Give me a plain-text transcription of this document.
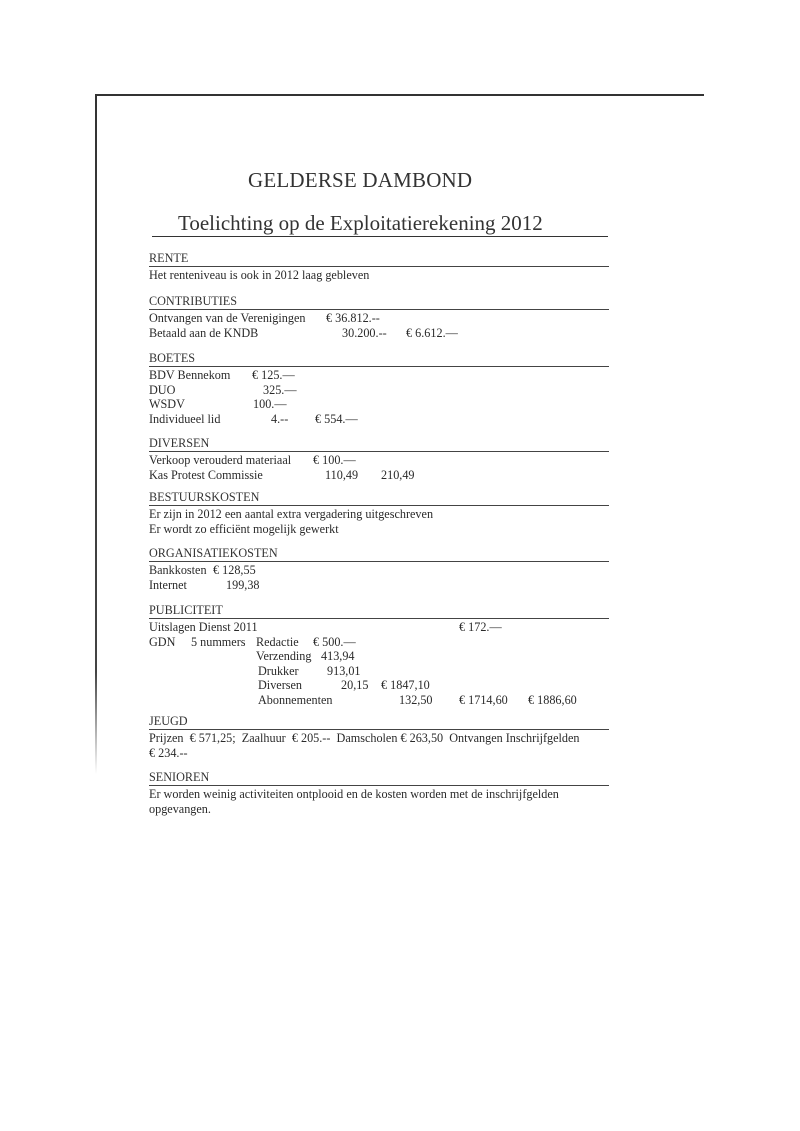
GELDERSE DAMBOND
Toelichting op de Exploitatierekening 2012
RENTE
Het renteniveau is ook in 2012 laag gebleven
CONTRIBUTIES
Ontvangen van de Verenigingen € 36.812.--
Betaald aan de KNDB	30.200.-- € 6.612.—
BOETES
BDV Bennekom € 125.—
DUO	325.—
WSDV	100.—
Individueel lid	4.-- € 554.—
DIVERSEN
Verkoop verouderd materiaal € 100.—
Kas Protest Commissie	110,49 210,49
BESTUURSKOSTEN
Er zijn in 2012 een aantal extra vergadering uitgeschreven
Er wordt zo efficiënt mogelijk gewerkt
ORGANISATIEKOSTEN
Bankkosten € 128,55
Internet	199,38
PUBLICITEIT
Uitslagen Dienst 2011	€ 172.—
GDN 5 nummers Redactie € 500.—
Verzending 413,94
Drukker 913,01
Diversen	20,15 € 1847,10
Abonnementen	132,50 € 1714,60 € 1886,60
JEUGD
Prijzen  € 571,25;  Zaalhuur  € 205.--  Damscholen € 263,50  Ontvangen Inschrijfgelden
€ 234.--
SENIOREN
Er worden weinig activiteiten ontplooid en de kosten worden met de inschrijfgelden
opgevangen.
